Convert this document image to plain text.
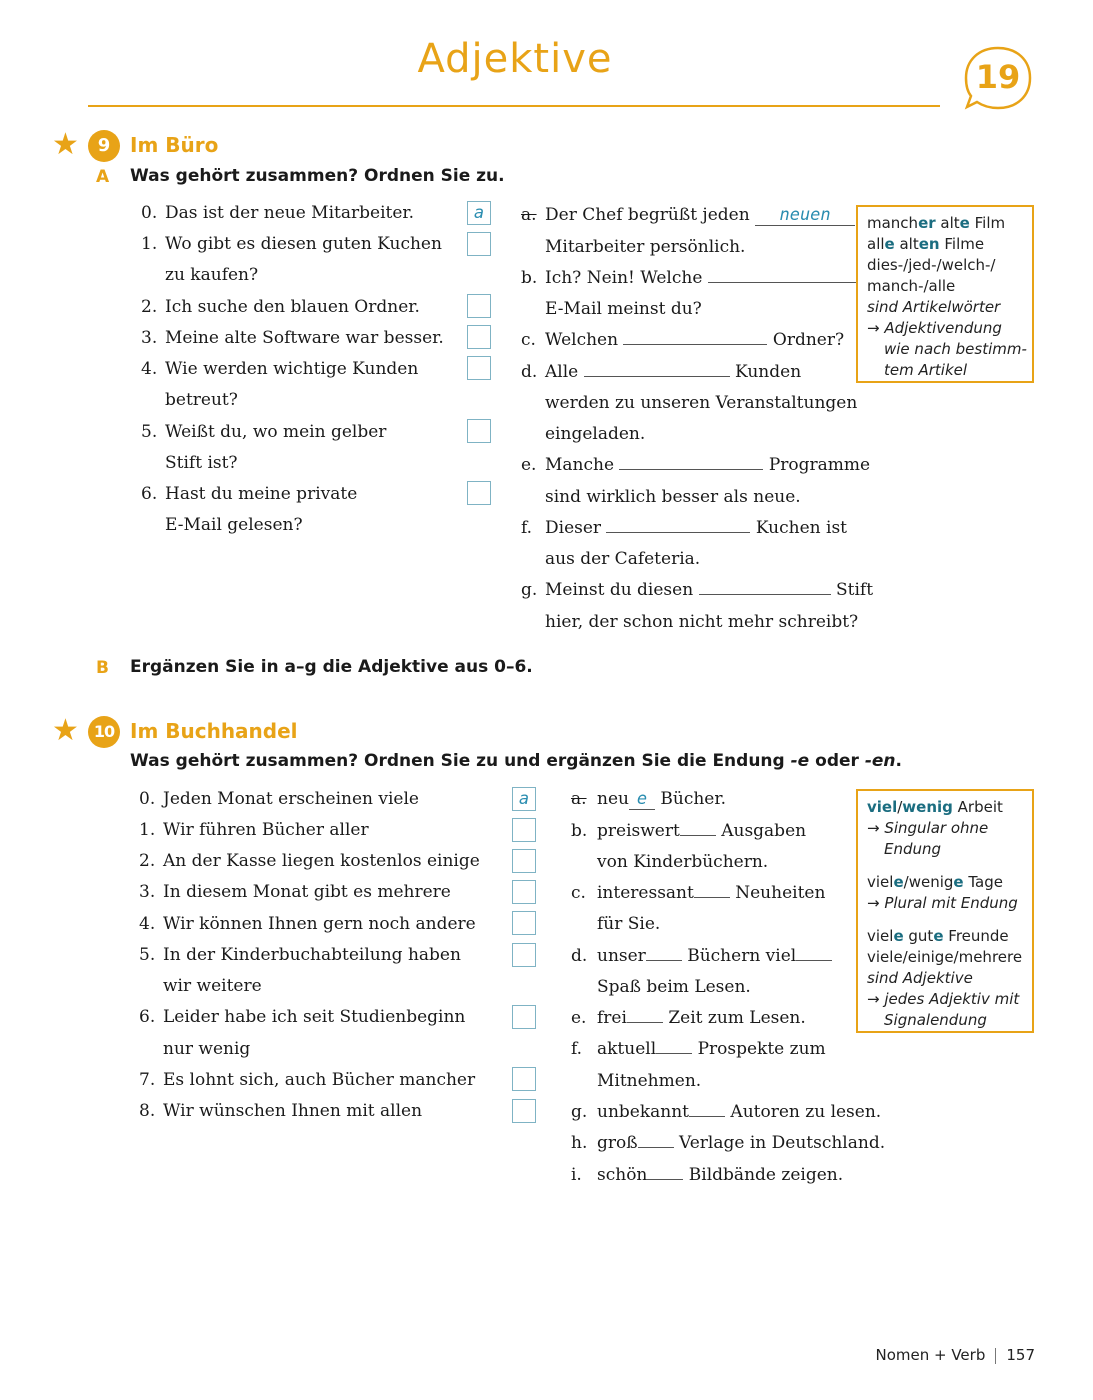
Adjektive	19
★	9 Im Büro
A Was gehört zusammen? Ordnen Sie zu.
0. Das ist der neue Mitarbeiter.	a
1. Wo gibt es diesen guten Kuchen
zu kaufen?
2. Ich suche den blauen Ordner.
3. Meine alte Software war besser.
4. Wie werden wichtige Kunden
betreut?
5. Weißt du, wo mein gelber
Stift ist?
6. Hast du meine private
E-Mail gelesen?
a. Der Chef begrüßt jeden neuen
Mitarbeiter persönlich.
b. Ich? Nein! Welche
E-Mail meinst du?
c. Welchen	Ordner?
d. Alle	Kunden
werden zu unseren Veranstaltungen
eingeladen.
e. Manche	Programme
sind wirklich besser als neue.
f. Dieser	Kuchen ist
aus der Cafeteria.
g. Meinst du diesen	Stift
hier, der schon nicht mehr schreibt?
mancher alte Film
alle alten Filme
dies-/jed-/welch-/
manch-/alle
sind Artikelwörter
→ Adjektivendung
wie nach bestimm-
tem Artikel
B Ergänzen Sie in a–g die Adjektive aus 0–6.
★ 10 Im Buchhandel
Was gehört zusammen? Ordnen Sie zu und ergänzen Sie die Endung -e oder -en.
0. Jeden Monat erscheinen viele	a
1. Wir führen Bücher aller
2. An der Kasse liegen kostenlos einige
3. In diesem Monat gibt es mehrere
4. Wir können Ihnen gern noch andere
5. In der Kinderbuchabteilung haben
wir weitere
6. Leider habe ich seit Studienbeginn
nur wenig
7. Es lohnt sich, auch Bücher mancher
8. Wir wünschen Ihnen mit allen
a. neu e Bücher.
b. preiswert Ausgaben
von Kinderbüchern.
c. interessant Neuheiten
für Sie.
d. unser Büchern viel
Spaß beim Lesen.
e. frei Zeit zum Lesen.
f. aktuell Prospekte zum
Mitnehmen.
g. unbekannt Autoren zu lesen.
h. groß Verlage in Deutschland.
i. schön Bildbände zeigen.
viel/wenig Arbeit
→ Singular ohne
Endung
viele/wenige Tage
→ Plural mit Endung
viele gute Freunde
viele/einige/mehrere
sind Adjektive
→ jedes Adjektiv mit
Signalendung
Nomen + Verb 157
